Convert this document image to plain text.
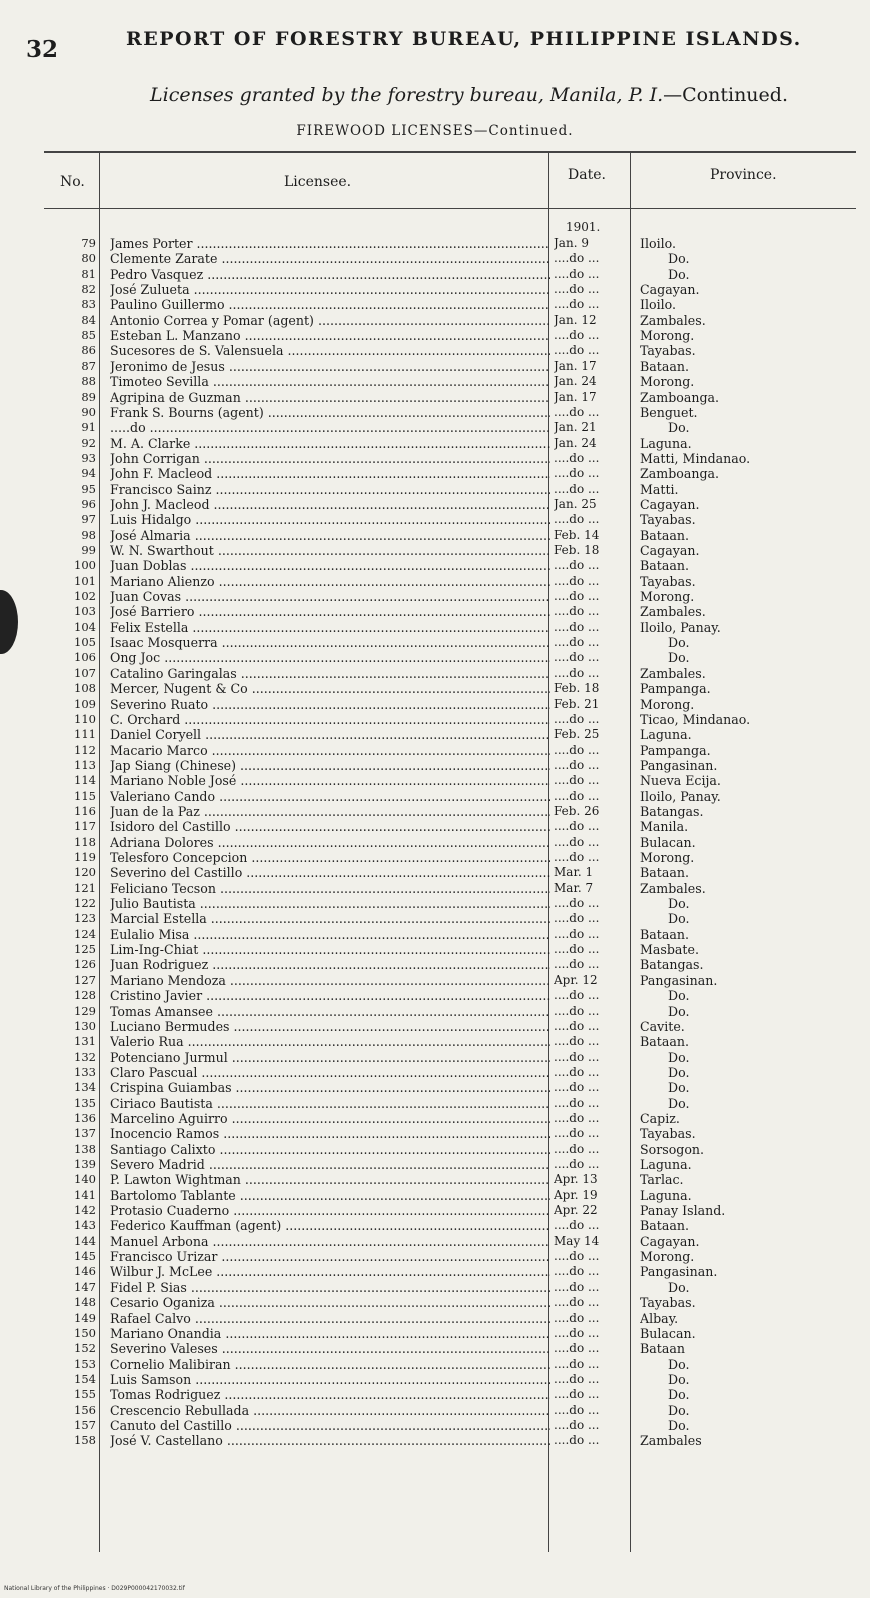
32	REPORT OF FORESTRY BUREAU, PHILIPPINE ISLANDS.
Licenses granted by the forestry bureau, Manila, P. I.—Continued.
FIREWOOD LICENSES—Continued.
No.	Licensee.	Date.	Province.
1901.
79 James Porter .....	Jan. 9	Iloilo.
80 Clemente Zarate .....	....do ...	Do.
81 Pedro Vasquez .....	....do ...	Do.
82 José Zulueta .....	....do ...	Cagayan.
83 Paulino Guillermo .....	....do ...	Iloilo.
84 Antonio Correa y Pomar (agent) .....	Jan. 12	Zambales.
85 Esteban L. Manzano .....	....do ...	Morong.
86 Sucesores de S. Valensuela .....	....do ...	Tayabas.
87 Jeronimo de Jesus .....	Jan. 17	Bataan.
88 Timoteo Sevilla .....	Jan. 24	Morong.
89 Agripina de Guzman .....	Jan. 17	Zamboanga.
90 Frank S. Bourns (agent) .....	....do ...	Benguet.
91 .....do .....	Jan. 21	Do.
92 M. A. Clarke .....	Jan. 24	Laguna.
93 John Corrigan .....	....do ...	Matti, Mindanao.
94 John F. Macleod .....	....do ...	Zamboanga.
95 Francisco Sainz .....	....do ...	Matti.
96 John J. Macleod .....	Jan. 25	Cagayan.
97 Luis Hidalgo .....	....do ...	Tayabas.
98 José Almaria .....	Feb. 14	Bataan.
99 W. N. Swarthout .....	Feb. 18	Cagayan.
100 Juan Doblas .....	....do ...	Bataan.
101 Mariano Alienzo .....	....do ...	Tayabas.
102 Juan Covas .....	....do ...	Morong.
103 José Barriero .....	....do ...	Zambales.
104 Felix Estella .....	....do ...	Iloilo, Panay.
105 Isaac Mosquerra .....	....do ...	Do.
106 Ong Joc .....	....do ...	Do.
107 Catalino Garingalas .....	....do ...	Zambales.
108 Mercer, Nugent & Co .....	Feb. 18	Pampanga.
109 Severino Ruato .....	Feb. 21	Morong.
110 C. Orchard .....	....do ...	Ticao, Mindanao.
111 Daniel Coryell .....	Feb. 25	Laguna.
112 Macario Marco .....	....do ...	Pampanga.
113 Jap Siang (Chinese) .....	....do ...	Pangasinan.
114 Mariano Noble José .....	....do ...	Nueva Ecija.
115 Valeriano Cando .....	....do ...	Iloilo, Panay.
116 Juan de la Paz .....	Feb. 26	Batangas.
117 Isidoro del Castillo .....	....do ...	Manila.
118 Adriana Dolores .....	....do ...	Bulacan.
119 Telesforo Concepcion .....	....do ...	Morong.
120 Severino del Castillo .....	Mar. 1	Bataan.
121 Feliciano Tecson .....	Mar. 7	Zambales.
122 Julio Bautista .....	....do ...	Do.
123 Marcial Estella .....	....do ...	Do.
124 Eulalio Misa .....	....do ...	Bataan.
125 Lim-Ing-Chiat .....	....do ...	Masbate.
126 Juan Rodriguez .....	....do ...	Batangas.
127 Mariano Mendoza .....	Apr. 12	Pangasinan.
128 Cristino Javier .....	....do ...	Do.
129 Tomas Amansee .....	....do ...	Do.
130 Luciano Bermudes .....	....do ...	Cavite.
131 Valerio Rua .....	....do ...	Bataan.
132 Potenciano Jurmul .....	....do ...	Do.
133 Claro Pascual .....	....do ...	Do.
134 Crispina Guiambas .....	....do ...	Do.
135 Ciriaco Bautista .....	....do ...	Do.
136 Marcelino Aguirro .....	....do ...	Capiz.
137 Inocencio Ramos .....	....do ...	Tayabas.
138 Santiago Calixto .....	....do ...	Sorsogon.
139 Severo Madrid .....	....do ...	Laguna.
140 P. Lawton Wightman .....	Apr. 13	Tarlac.
141 Bartolomo Tablante .....	Apr. 19	Laguna.
142 Protasio Cuaderno .....	Apr. 22	Panay Island.
143 Federico Kauffman (agent) .....	....do ...	Bataan.
144 Manuel Arbona .....	May 14	Cagayan.
145 Francisco Urizar .....	....do ...	Morong.
146 Wilbur J. McLee .....	....do ...	Pangasinan.
147 Fidel P. Sias .....	....do ...	Do.
148 Cesario Oganiza .....	....do ...	Tayabas.
149 Rafael Calvo .....	....do ...	Albay.
150 Mariano Onandia .....	....do ...	Bulacan.
152 Severino Valeses .....	....do ...	Bataan
153 Cornelio Malibiran .....	....do ...	Do.
154 Luis Samson .....	....do ...	Do.
155 Tomas Rodriguez .....	....do ...	Do.
156 Crescencio Rebullada .....	....do ...	Do.
157 Canuto del Castillo .....	....do ...	Do.
158 José V. Castellano .....	....do ...	Zambales
National Library of the Philippines · D029P000042170032.tif
